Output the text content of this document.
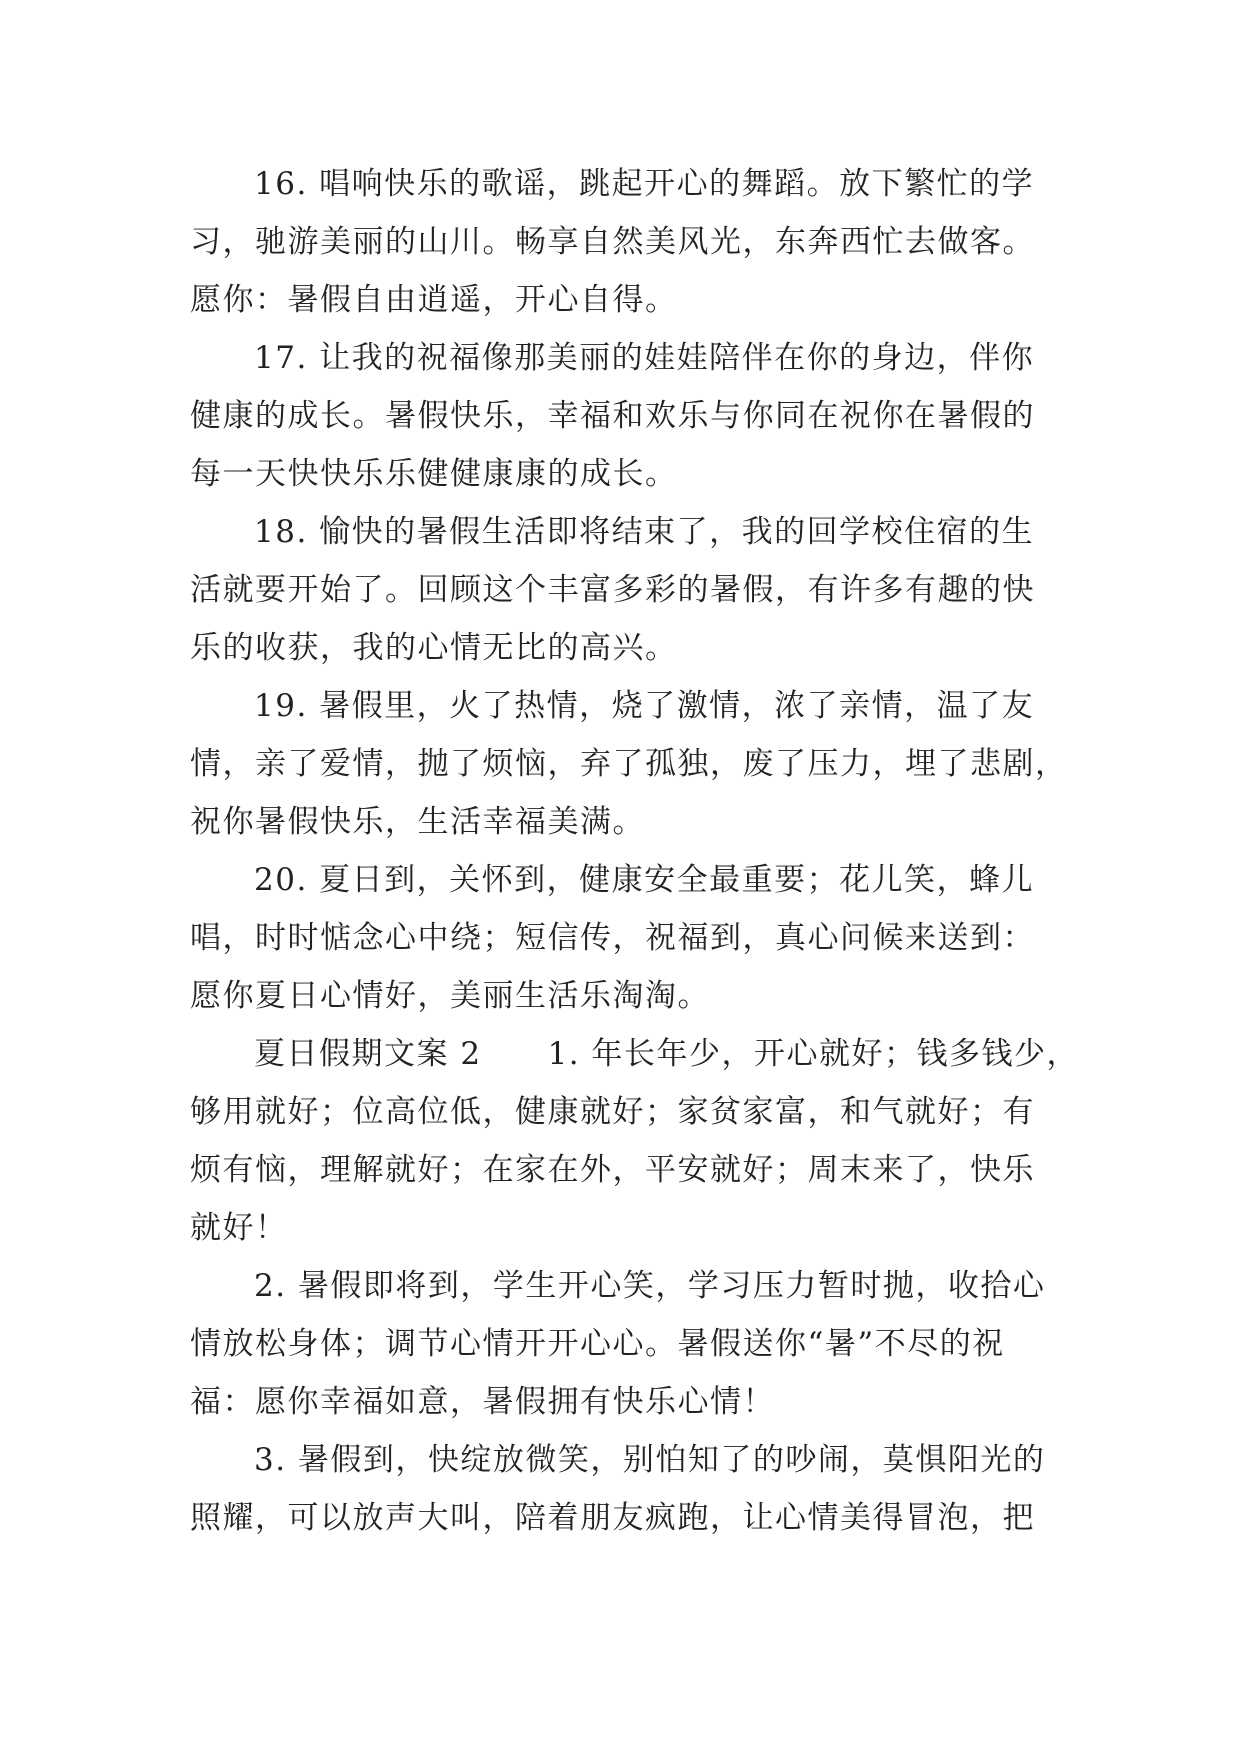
16. 唱响快乐的歌谣，跳起开心的舞蹈。放下繁忙的学
习，驰游美丽的山川。畅享自然美风光，东奔西忙去做客。
愿你：暑假自由逍遥，开心自得。
17. 让我的祝福像那美丽的娃娃陪伴在你的身边，伴你
健康的成长。暑假快乐，幸福和欢乐与你同在祝你在暑假的
每一天快快乐乐健健康康的成长。
18. 愉快的暑假生活即将结束了，我的回学校住宿的生
活就要开始了。回顾这个丰富多彩的暑假，有许多有趣的快
乐的收获，我的心情无比的高兴。
19. 暑假里，火了热情，烧了激情，浓了亲情，温了友
情，亲了爱情，抛了烦恼，弃了孤独，废了压力，埋了悲剧，
祝你暑假快乐，生活幸福美满。
20. 夏日到，关怀到，健康安全最重要；花儿笑，蜂儿
唱，时时惦念心中绕；短信传，祝福到，真心问候来送到：
愿你夏日心情好，美丽生活乐淘淘。
夏日假期文案 2 1. 年长年少，开心就好；钱多钱少，
够用就好；位高位低，健康就好；家贫家富，和气就好；有
烦有恼，理解就好；在家在外，平安就好；周末来了，快乐
就好！
2. 暑假即将到，学生开心笑，学习压力暂时抛，收拾心
情放松身体；调节心情开开心心。暑假送你“暑”不尽的祝
福：愿你幸福如意，暑假拥有快乐心情！
3. 暑假到，快绽放微笑，别怕知了的吵闹，莫惧阳光的
照耀，可以放声大叫，陪着朋友疯跑，让心情美得冒泡，把
